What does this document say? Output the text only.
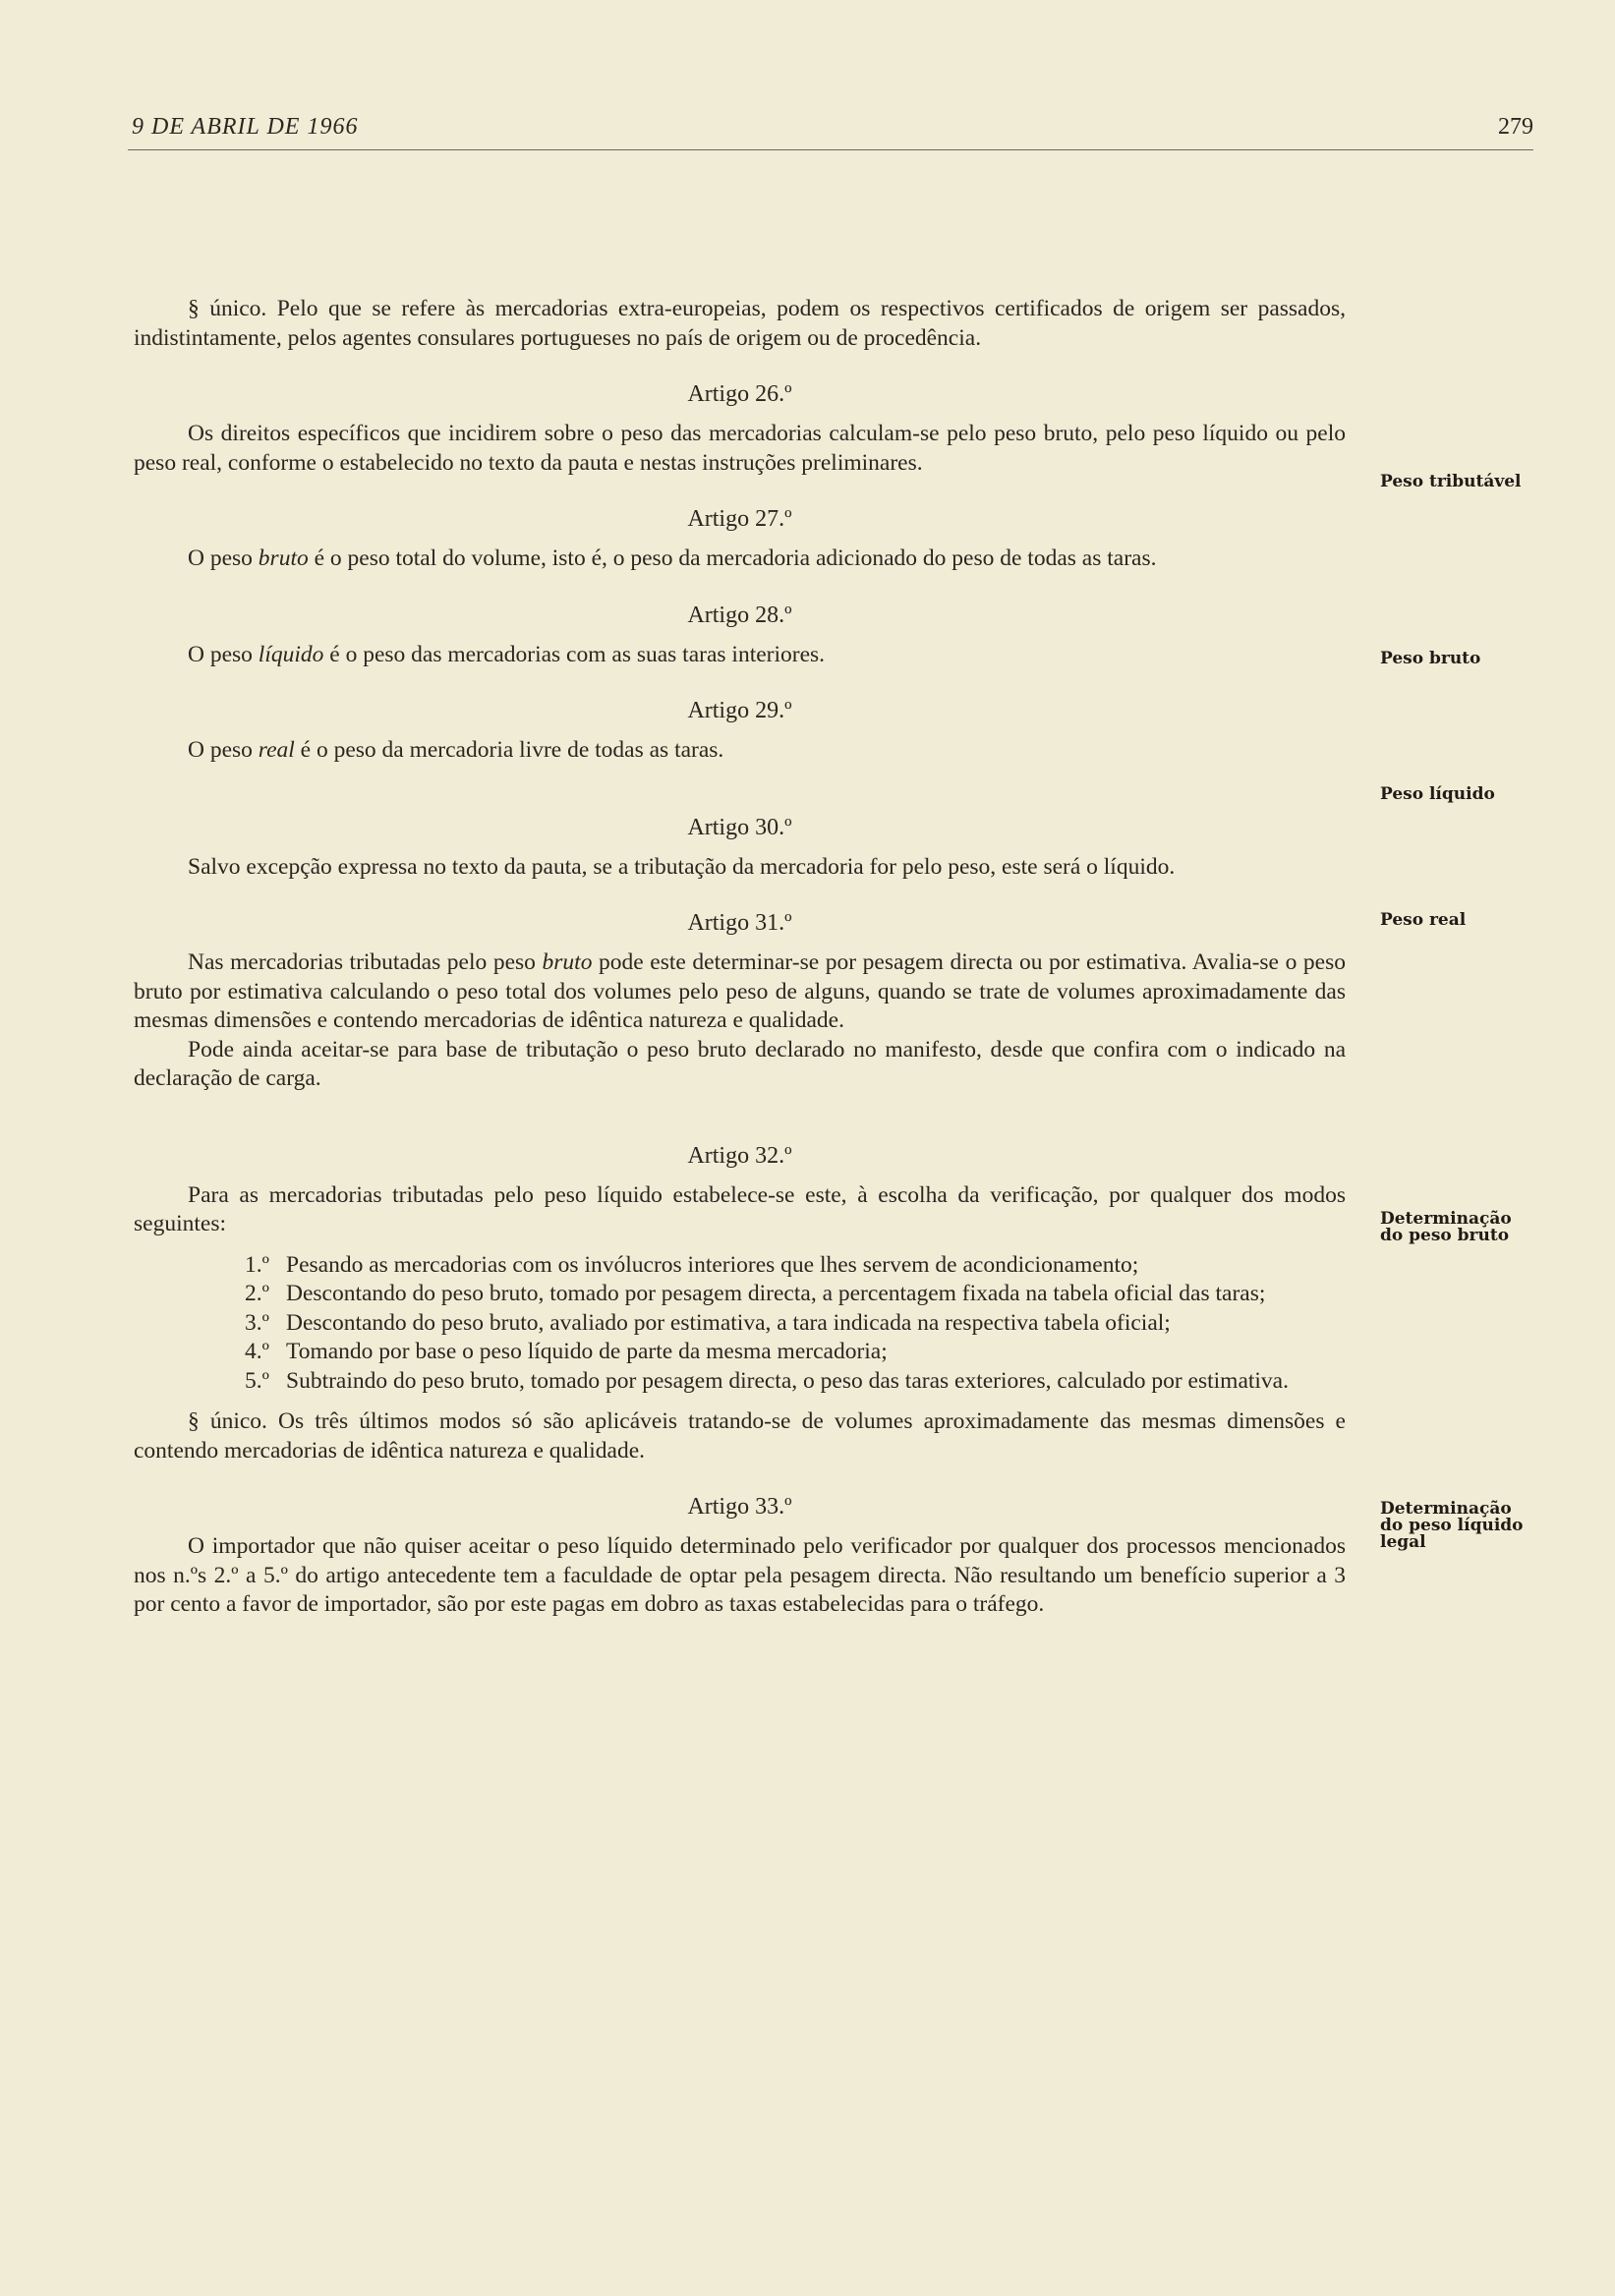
9 DE ABRIL DE 1966	279
Peso tributável
Peso bruto
Peso líquido
Peso real
Determinação do peso bruto
Determinação do peso líquido legal

§ único. Pelo que se refere às mercadorias extra-europeias, podem os respectivos certificados de origem ser passados, indistintamente, pelos agentes consulares portugueses no país de origem ou de procedência.

Artigo 26.º

Os direitos específicos que incidirem sobre o peso das mercadorias calculam-se pelo peso bruto, pelo peso líquido ou pelo peso real, conforme o estabelecido no texto da pauta e nestas instruções preliminares.

Artigo 27.º

O peso bruto é o peso total do volume, isto é, o peso da mercadoria adicionado do peso de todas as taras.

Artigo 28.º

O peso líquido é o peso das mercadorias com as suas taras interiores.

Artigo 29.º

O peso real é o peso da mercadoria livre de todas as taras.

Artigo 30.º

Salvo excepção expressa no texto da pauta, se a tributação da mercadoria for pelo peso, este será o líquido.

Artigo 31.º

Nas mercadorias tributadas pelo peso bruto pode este determinar-se por pesagem directa ou por estimativa. Avalia-se o peso bruto por estimativa calculando o peso total dos volumes pelo peso de alguns, quando se trate de volumes aproximadamente das mesmas dimensões e contendo mercadorias de idêntica natureza e qualidade.

Pode ainda aceitar-se para base de tributação o peso bruto declarado no manifesto, desde que confira com o indicado na declaração de carga.

Artigo 32.º

Para as mercadorias tributadas pelo peso líquido estabelece-se este, à escolha da verificação, por qualquer dos modos seguintes:

1.º Pesando as mercadorias com os invólucros interiores que lhes servem de acondicionamento;
2.º Descontando do peso bruto, tomado por pesagem directa, a percentagem fixada na tabela oficial das taras;
3.º Descontando do peso bruto, avaliado por estimativa, a tara indicada na respectiva tabela oficial;
4.º Tomando por base o peso líquido de parte da mesma mercadoria;
5.º Subtraindo do peso bruto, tomado por pesagem directa, o peso das taras exteriores, calculado por estimativa.

§ único. Os três últimos modos só são aplicáveis tratando-se de volumes aproximadamente das mesmas dimensões e contendo mercadorias de idêntica natureza e qualidade.

Artigo 33.º

O importador que não quiser aceitar o peso líquido determinado pelo verificador por qualquer dos processos mencionados nos n.ºs 2.º a 5.º do artigo antecedente tem a faculdade de optar pela pesagem directa. Não resultando um benefício superior a 3 por cento a favor de importador, são por este pagas em dobro as taxas estabelecidas para o tráfego.
